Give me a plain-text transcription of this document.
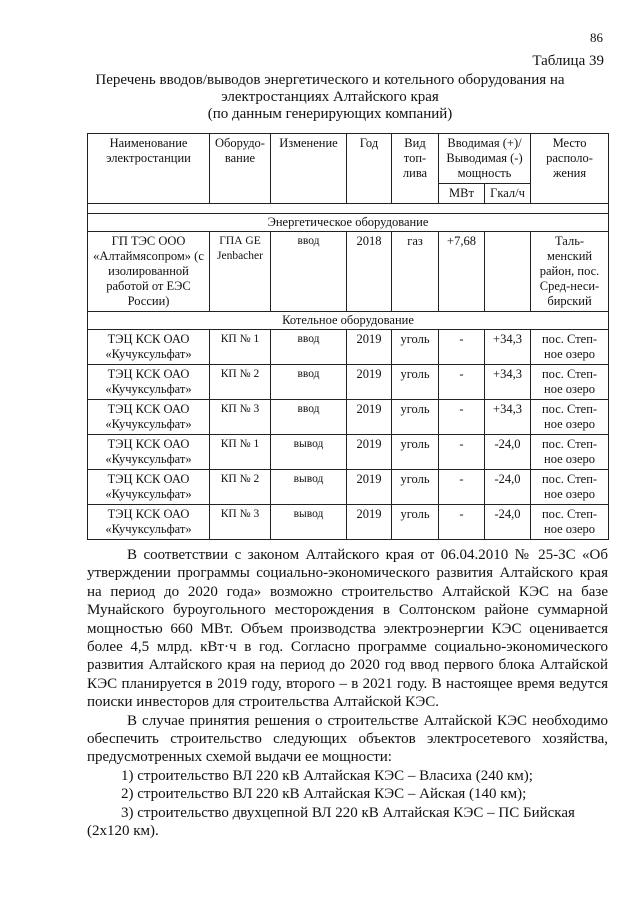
86
Таблица 39
Перечень вводов/выводов энергетического и котельного оборудования на
электростанциях Алтайского края
(по данным генерирующих компаний)
Наименование электростанции	Оборудо-вание	Изменение	Год	Вид топ-лива	Вводимая (+)/ Выводимая (-) мощность		Место располо-жения
					МВт	Гкал/ч	

Энергетическое оборудование							
ГП ТЭС ООО «Алтаймясопром» (с изолированной работой от ЕЭС России)	ГПА GE Jenbacher	ввод	2018	газ	+7,68		Таль-менский район, пос. Сред-неси-бирский
Котельное оборудование							
ТЭЦ КСК ОАО «Кучуксульфат»	КП № 1	ввод	2019	уголь	-	+34,3	пос. Степ-ное озеро
ТЭЦ КСК ОАО «Кучуксульфат»	КП № 2	ввод	2019	уголь	-	+34,3	пос. Степ-ное озеро
ТЭЦ КСК ОАО «Кучуксульфат»	КП № 3	ввод	2019	уголь	-	+34,3	пос. Степ-ное озеро
ТЭЦ КСК ОАО «Кучуксульфат»	КП № 1	вывод	2019	уголь	-	-24,0	пос. Степ-ное озеро
ТЭЦ КСК ОАО «Кучуксульфат»	КП № 2	вывод	2019	уголь	-	-24,0	пос. Степ-ное озеро
ТЭЦ КСК ОАО «Кучуксульфат»	КП № 3	вывод	2019	уголь	-	-24,0	пос. Степ-ное озеро

В соответствии с законом Алтайского края от 06.04.2010 № 25-ЗС «Об утверждении программы социально-экономического развития Алтайского края на период до 2020 года» возможно строительство Алтайской КЭС на базе Мунайского буроугольного месторождения в Солтонском районе суммарной мощностью 660 МВт. Объем производства электроэнергии КЭС оценивается более 4,5 млрд. кВт·ч в год. Согласно программе социально-экономического развития Алтайского края на период до 2020 год ввод первого блока Алтайской КЭС планируется в 2019 году, второго – в 2021 году. В настоящее время ведутся поиски инвесторов для строительства Алтайской КЭС.

В случае принятия решения о строительстве Алтайской КЭС необходимо обеспечить строительство следующих объектов электросетевого хозяйства, предусмотренных схемой выдачи ее мощности:

1) строительство ВЛ 220 кВ Алтайская КЭС – Власиха (240 км);

2) строительство ВЛ 220 кВ Алтайская КЭС – Айская (140 км);

3) строительство двухцепной ВЛ 220 кВ Алтайская КЭС – ПС Бийская (2х120 км).
